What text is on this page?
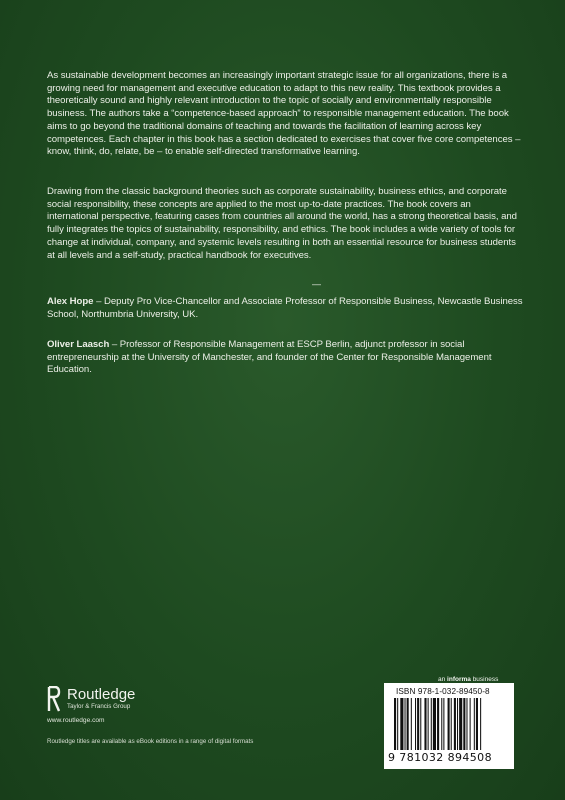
As sustainable development becomes an increasingly important strategic issue for all organizations, there is a growing need for management and executive education to adapt to this new reality. This textbook provides a theoretically sound and highly relevant introduction to the topic of socially and environmentally responsible business. The authors take a “competence-based approach” to responsible management education. The book aims to go beyond the traditional domains of teaching and towards the facilitation of learning across key competences. Each chapter in this book has a section dedicated to exercises that cover five core competences – know, think, do, relate, be – to enable self-directed transformative learning.

Drawing from the classic background theories such as corporate sustainability, business ethics, and corporate social responsibility, these concepts are applied to the most up-to-date practices. The book covers an international perspective, featuring cases from countries all around the world, has a strong theoretical basis, and fully integrates the topics of sustainability, responsibility, and ethics. The book includes a wide variety of tools for change at individual, company, and systemic levels resulting in both an essential resource for business students at all levels and a self-study, practical handbook for executives.

—

Alex Hope – Deputy Pro Vice-Chancellor and Associate Professor of Responsible Business, Newcastle Business School, Northumbria University, UK.

Oliver Laasch – Professor of Responsible Management at ESCP Berlin, adjunct professor in social entrepreneurship at the University of Manchester, and founder of the Center for Responsible Management Education.

Routledge
Taylor & Francis Group
www.routledge.com
Routledge titles are available as eBook editions in a range of digital formats
an informa business
ISBN 978-1-032-89450-8
9 781032 894508
